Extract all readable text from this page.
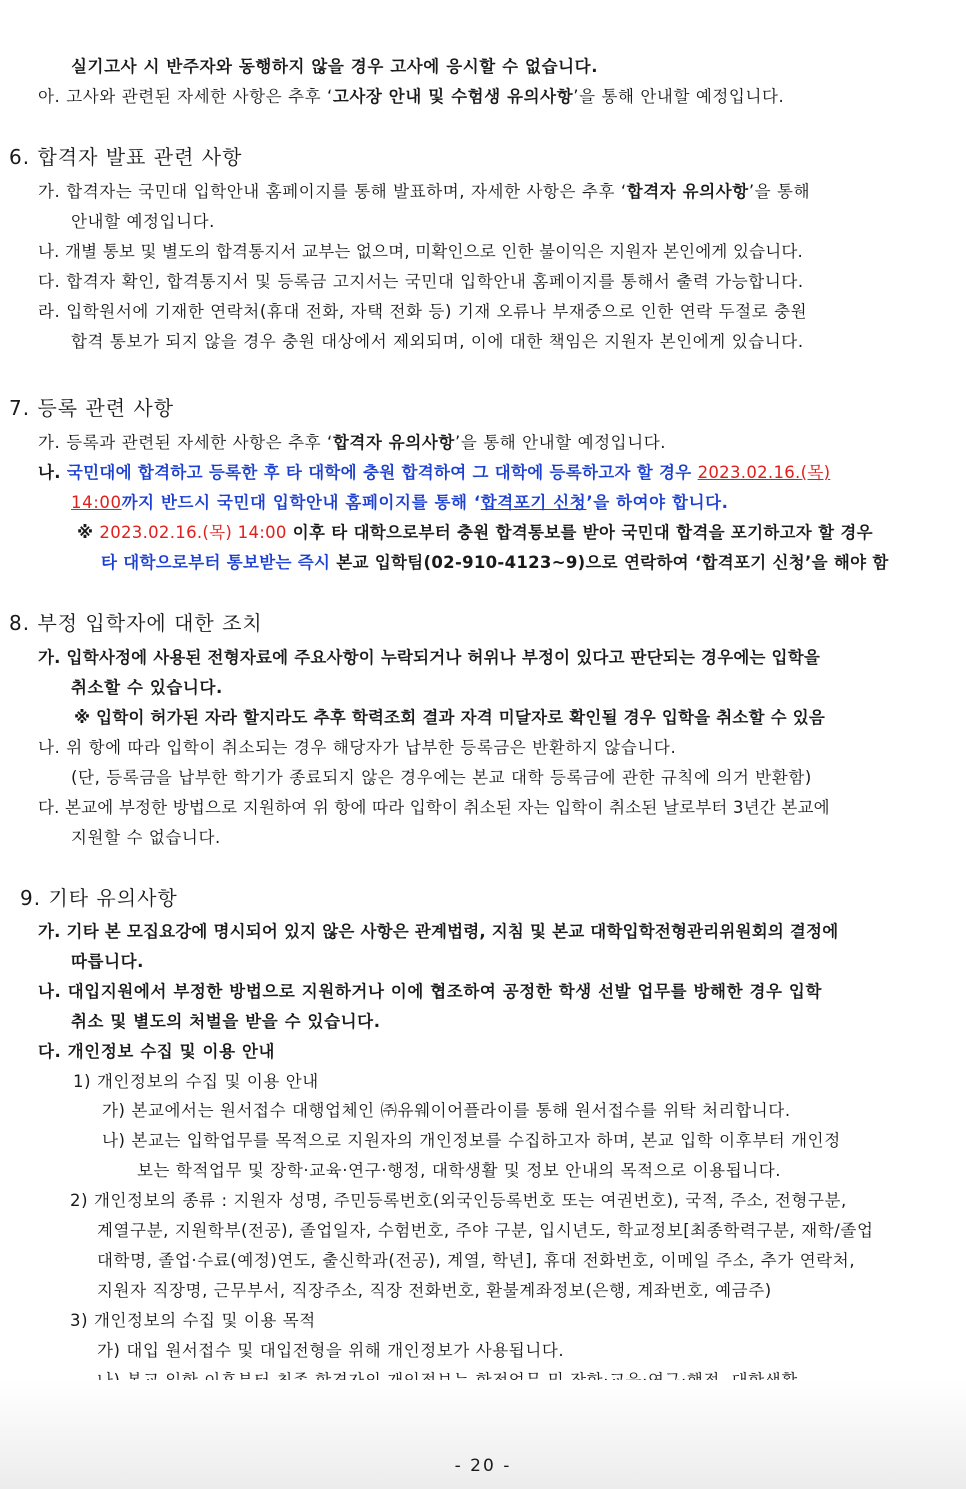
실기고사 시 반주자와 동행하지 않을 경우 고사에 응시할 수 없습니다.
아. 고사와 관련된 자세한 사항은 추후 ‘고사장 안내 및 수험생 유의사항’을 통해 안내할 예정입니다.
6. 합격자 발표 관련 사항
가. 합격자는 국민대 입학안내 홈페이지를 통해 발표하며, 자세한 사항은 추후 ‘합격자 유의사항’을 통해
안내할 예정입니다.
나. 개별 통보 및 별도의 합격통지서 교부는 없으며, 미확인으로 인한 불이익은 지원자 본인에게 있습니다.
다. 합격자 확인, 합격통지서 및 등록금 고지서는 국민대 입학안내 홈페이지를 통해서 출력 가능합니다.
라. 입학원서에 기재한 연락처(휴대 전화, 자택 전화 등) 기재 오류나 부재중으로 인한 연락 두절로 충원
합격 통보가 되지 않을 경우 충원 대상에서 제외되며, 이에 대한 책임은 지원자 본인에게 있습니다.
7. 등록 관련 사항
가. 등록과 관련된 자세한 사항은 추후 ‘합격자 유의사항’을 통해 안내할 예정입니다.
나. 국민대에 합격하고 등록한 후 타 대학에 충원 합격하여 그 대학에 등록하고자 할 경우 2023.02.16.(목)
14:00까지 반드시 국민대 입학안내 홈페이지를 통해 ‘합격포기 신청’을 하여야 합니다.
※ 2023.02.16.(목) 14:00 이후 타 대학으로부터 충원 합격통보를 받아 국민대 합격을 포기하고자 할 경우
타 대학으로부터 통보받는 즉시 본교 입학팀(02-910-4123~9)으로 연락하여 ‘합격포기 신청’을 해야 함
8. 부정 입학자에 대한 조치
가. 입학사정에 사용된 전형자료에 주요사항이 누락되거나 허위나 부정이 있다고 판단되는 경우에는 입학을
취소할 수 있습니다.
※ 입학이 허가된 자라 할지라도 추후 학력조회 결과 자격 미달자로 확인될 경우 입학을 취소할 수 있음
나. 위 항에 따라 입학이 취소되는 경우 해당자가 납부한 등록금은 반환하지 않습니다.
(단, 등록금을 납부한 학기가 종료되지 않은 경우에는 본교 대학 등록금에 관한 규칙에 의거 반환함)
다. 본교에 부정한 방법으로 지원하여 위 항에 따라 입학이 취소된 자는 입학이 취소된 날로부터 3년간 본교에
지원할 수 없습니다.
9. 기타 유의사항
가. 기타 본 모집요강에 명시되어 있지 않은 사항은 관계법령, 지침 및 본교 대학입학전형관리위원회의 결정에
따릅니다.
나. 대입지원에서 부정한 방법으로 지원하거나 이에 협조하여 공정한 학생 선발 업무를 방해한 경우 입학
취소 및 별도의 처벌을 받을 수 있습니다.
다. 개인정보 수집 및 이용 안내
1) 개인정보의 수집 및 이용 안내
가) 본교에서는 원서접수 대행업체인 ㈜유웨이어플라이를 통해 원서접수를 위탁 처리합니다.
나) 본교는 입학업무를 목적으로 지원자의 개인정보를 수집하고자 하며, 본교 입학 이후부터 개인정
보는 학적업무 및 장학·교육·연구·행정, 대학생활 및 정보 안내의 목적으로 이용됩니다.
2) 개인정보의 종류 : 지원자 성명, 주민등록번호(외국인등록번호 또는 여권번호), 국적, 주소, 전형구분,
계열구분, 지원학부(전공), 졸업일자, 수험번호, 주야 구분, 입시년도, 학교정보[최종학력구분, 재학/졸업
대학명, 졸업·수료(예정)연도, 출신학과(전공), 계열, 학년], 휴대 전화번호, 이메일 주소, 추가 연락처,
지원자 직장명, 근무부서, 직장주소, 직장 전화번호, 환불계좌정보(은행, 계좌번호, 예금주)
3) 개인정보의 수집 및 이용 목적
가) 대입 원서접수 및 대입전형을 위해 개인정보가 사용됩니다.
- 20 -
